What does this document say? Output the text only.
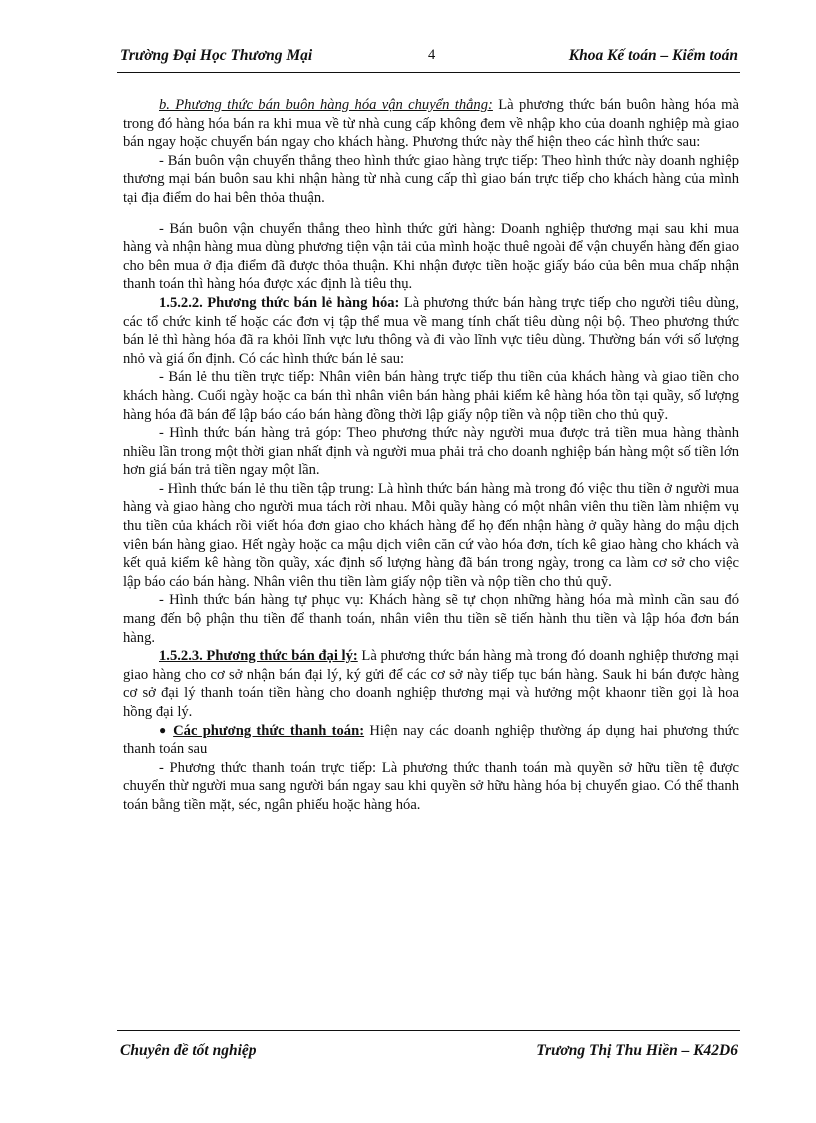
Trường Đại Học Thương Mại	4	Khoa Kế toán – Kiểm toán

b. Phương thức bán buôn hàng hóa vận chuyển thẳng: Là phương thức bán buôn hàng hóa mà trong đó hàng hóa bán ra khi mua về từ nhà cung cấp không đem về nhập kho của doanh nghiệp mà giao bán ngay hoặc chuyển bán ngay cho khách hàng. Phương thức này thể hiện theo các hình thức sau:

- Bán buôn vận chuyển thẳng theo hình thức giao hàng trực tiếp: Theo hình thức này doanh nghiệp thương mại bán buôn sau khi nhận hàng từ nhà cung cấp thì giao bán trực tiếp cho khách hàng của mình tại địa điểm do hai bên thỏa thuận.

- Bán buôn vận chuyển thẳng theo hình thức gửi hàng: Doanh nghiệp thương mại sau khi mua hàng và nhận hàng mua dùng phương tiện vận tải của mình hoặc thuê ngoài để vận chuyển hàng đến giao cho bên mua ở địa điểm đã được thỏa thuận. Khi nhận được tiền hoặc giấy báo của bên mua chấp nhận thanh toán thì hàng hóa được xác định là tiêu thụ.

1.5.2.2. Phương thức bán lẻ hàng hóa: Là phương thức bán hàng trực tiếp cho người tiêu dùng, các tổ chức kinh tế hoặc các đơn vị tập thể mua về mang tính chất tiêu dùng nội bộ. Theo phương thức bán lẻ thì hàng hóa đã ra khỏi lĩnh vực lưu thông và đi vào lĩnh vực tiêu dùng. Thường bán với số lượng nhỏ và giá ổn định. Có các hình thức bán lẻ sau:

- Bán lẻ thu tiền trực tiếp: Nhân viên bán hàng trực tiếp thu tiền của khách hàng và giao tiền cho khách hàng. Cuối ngày hoặc ca bán thì nhân viên bán hàng phải kiểm kê hàng hóa tồn tại quầy, số lượng hàng hóa đã bán để lập báo cáo bán hàng đồng thời lập giấy nộp tiền và nộp tiền cho thủ quỹ.

- Hình thức bán hàng trả góp: Theo phương thức này người mua được trả tiền mua hàng thành nhiều lần trong một thời gian nhất định và người mua phải trả cho doanh nghiệp bán hàng một số tiền lớn hơn giá bán trả tiền ngay một lần.

- Hình thức bán lẻ thu tiền tập trung: Là hình thức bán hàng mà trong đó việc thu tiền ở người mua hàng và giao hàng cho người mua tách rời nhau. Mỗi quầy hàng có một nhân viên thu tiền làm nhiệm vụ thu tiền của khách rồi viết hóa đơn giao cho khách hàng để họ đến nhận hàng ở quầy hàng do mậu dịch viên bán hàng giao. Hết ngày hoặc ca mậu dịch viên căn cứ vào hóa đơn, tích kê giao hàng cho khách và kết quả kiểm kê hàng tồn quầy, xác định số lượng hàng đã bán trong ngày, trong ca làm cơ sở cho việc lập báo cáo bán hàng. Nhân viên thu tiền làm giấy nộp tiền và nộp tiền cho thủ quỹ.

- Hình thức bán hàng tự phục vụ: Khách hàng sẽ tự chọn những hàng hóa mà mình cần sau đó mang đến bộ phận thu tiền để thanh toán, nhân viên thu tiền sẽ tiến hành thu tiền và lập hóa đơn bán hàng.

1.5.2.3. Phương thức bán đại lý: Là phương thức bán hàng mà trong đó doanh nghiệp thương mại giao hàng cho cơ sở nhận bán đại lý, ký gửi để các cơ sở này tiếp tục bán hàng. Sauk hi bán được hàng cơ sở đại lý thanh toán tiền hàng cho doanh nghiệp thương mại và hưởng một khaonr tiền gọi là hoa hồng đại lý.

● Các phương thức thanh toán: Hiện nay các doanh nghiệp thường áp dụng hai phương thức thanh toán sau

- Phương thức thanh toán trực tiếp: Là phương thức thanh toán mà quyền sở hữu tiền tệ được chuyển thừ người mua sang người bán ngay sau khi quyền sở hữu hàng hóa bị chuyển giao. Có thể thanh toán bằng tiền mặt, séc, ngân phiếu hoặc hàng hóa.

Chuyên đề tốt nghiệp	Trương Thị Thu Hiền – K42D6
